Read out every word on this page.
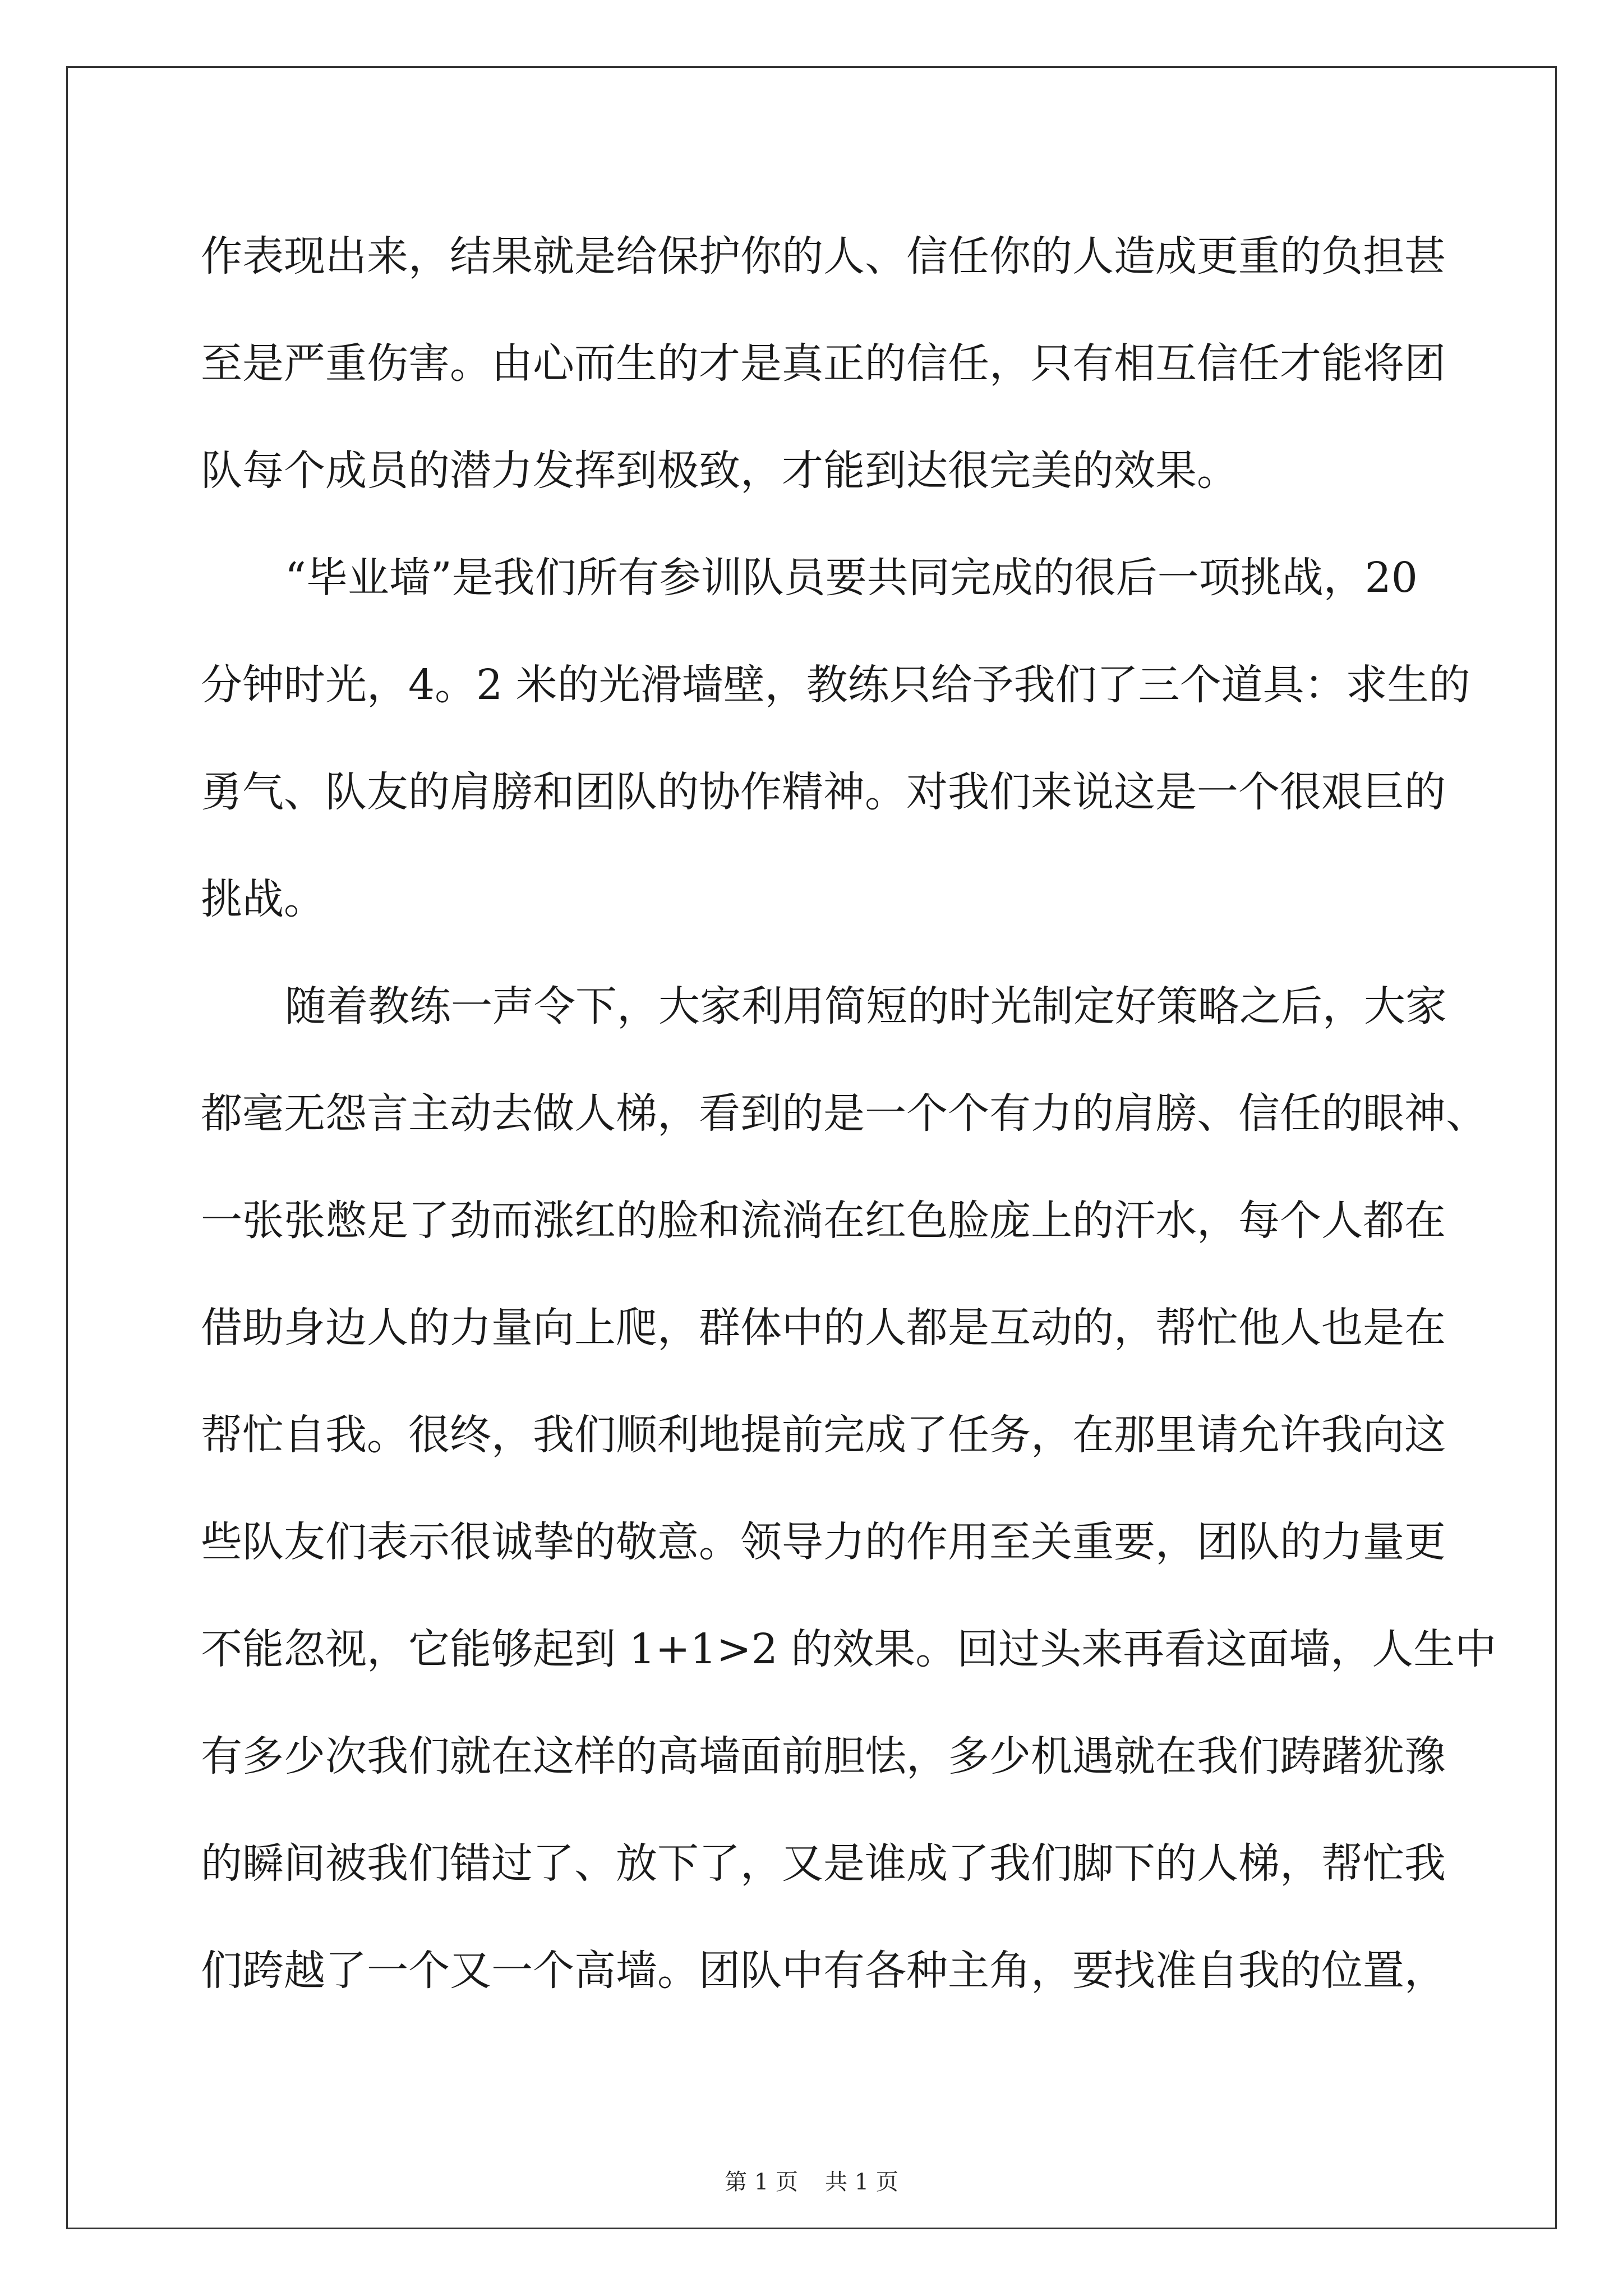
作表现出来，结果就是给保护你的人、信任你的人造成更重的负担甚
至是严重伤害。由心而生的才是真正的信任，只有相互信任才能将团
队每个成员的潜力发挥到极致，才能到达很完美的效果。
“毕业墙”是我们所有参训队员要共同完成的很后一项挑战，20
分钟时光，4。2 米的光滑墙壁，教练只给予我们了三个道具：求生的
勇气、队友的肩膀和团队的协作精神。对我们来说这是一个很艰巨的
挑战。
随着教练一声令下，大家利用简短的时光制定好策略之后，大家
都毫无怨言主动去做人梯，看到的是一个个有力的肩膀、信任的眼神、
一张张憋足了劲而涨红的脸和流淌在红色脸庞上的汗水，每个人都在
借助身边人的力量向上爬，群体中的人都是互动的，帮忙他人也是在
帮忙自我。很终，我们顺利地提前完成了任务，在那里请允许我向这
些队友们表示很诚挚的敬意。领导力的作用至关重要，团队的力量更
不能忽视，它能够起到 1+1>2 的效果。回过头来再看这面墙，人生中
有多少次我们就在这样的高墙面前胆怯，多少机遇就在我们踌躇犹豫
的瞬间被我们错过了、放下了，又是谁成了我们脚下的人梯，帮忙我
们跨越了一个又一个高墙。团队中有各种主角，要找准自我的位置，
第 1 页 共 1 页
